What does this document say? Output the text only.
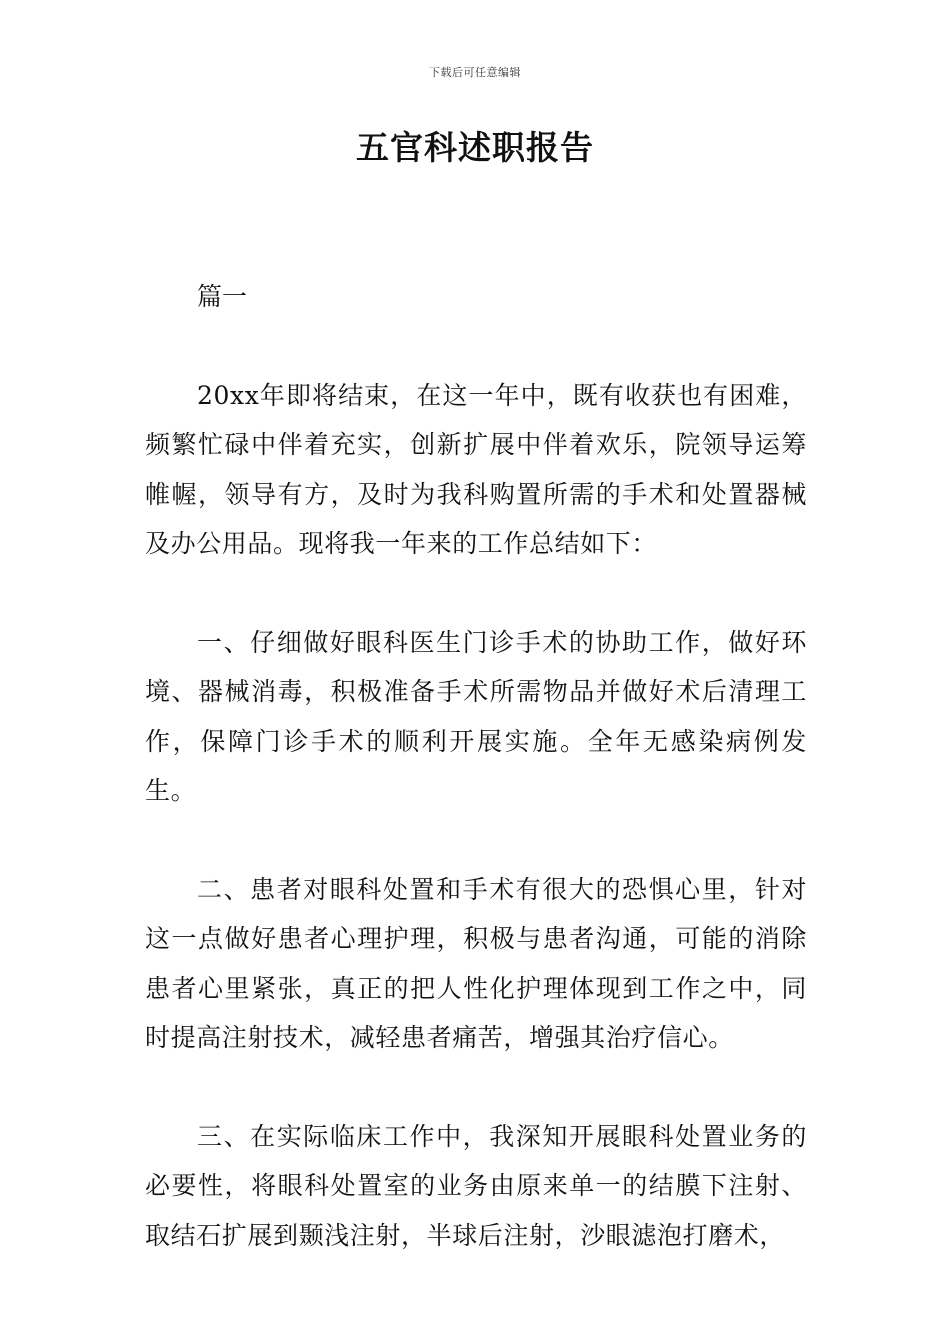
下载后可任意编辑
五官科述职报告

篇一

20xx年即将结束，在这一年中，既有收获也有困难，频繁忙碌中伴着充实，创新扩展中伴着欢乐，院领导运筹帷幄，领导有方，及时为我科购置所需的手术和处置器械及办公用品。现将我一年来的工作总结如下：

一、仔细做好眼科医生门诊手术的协助工作，做好环境、器械消毒，积极准备手术所需物品并做好术后清理工作，保障门诊手术的顺利开展实施。全年无感染病例发生。

二、患者对眼科处置和手术有很大的恐惧心里，针对这一点做好患者心理护理，积极与患者沟通，可能的消除患者心里紧张，真正的把人性化护理体现到工作之中，同时提高注射技术，减轻患者痛苦，增强其治疗信心。

三、在实际临床工作中，我深知开展眼科处置业务的必要性，将眼科处置室的业务由原来单一的结膜下注射、取结石扩展到颞浅注射，半球后注射，沙眼滤泡打磨术，
